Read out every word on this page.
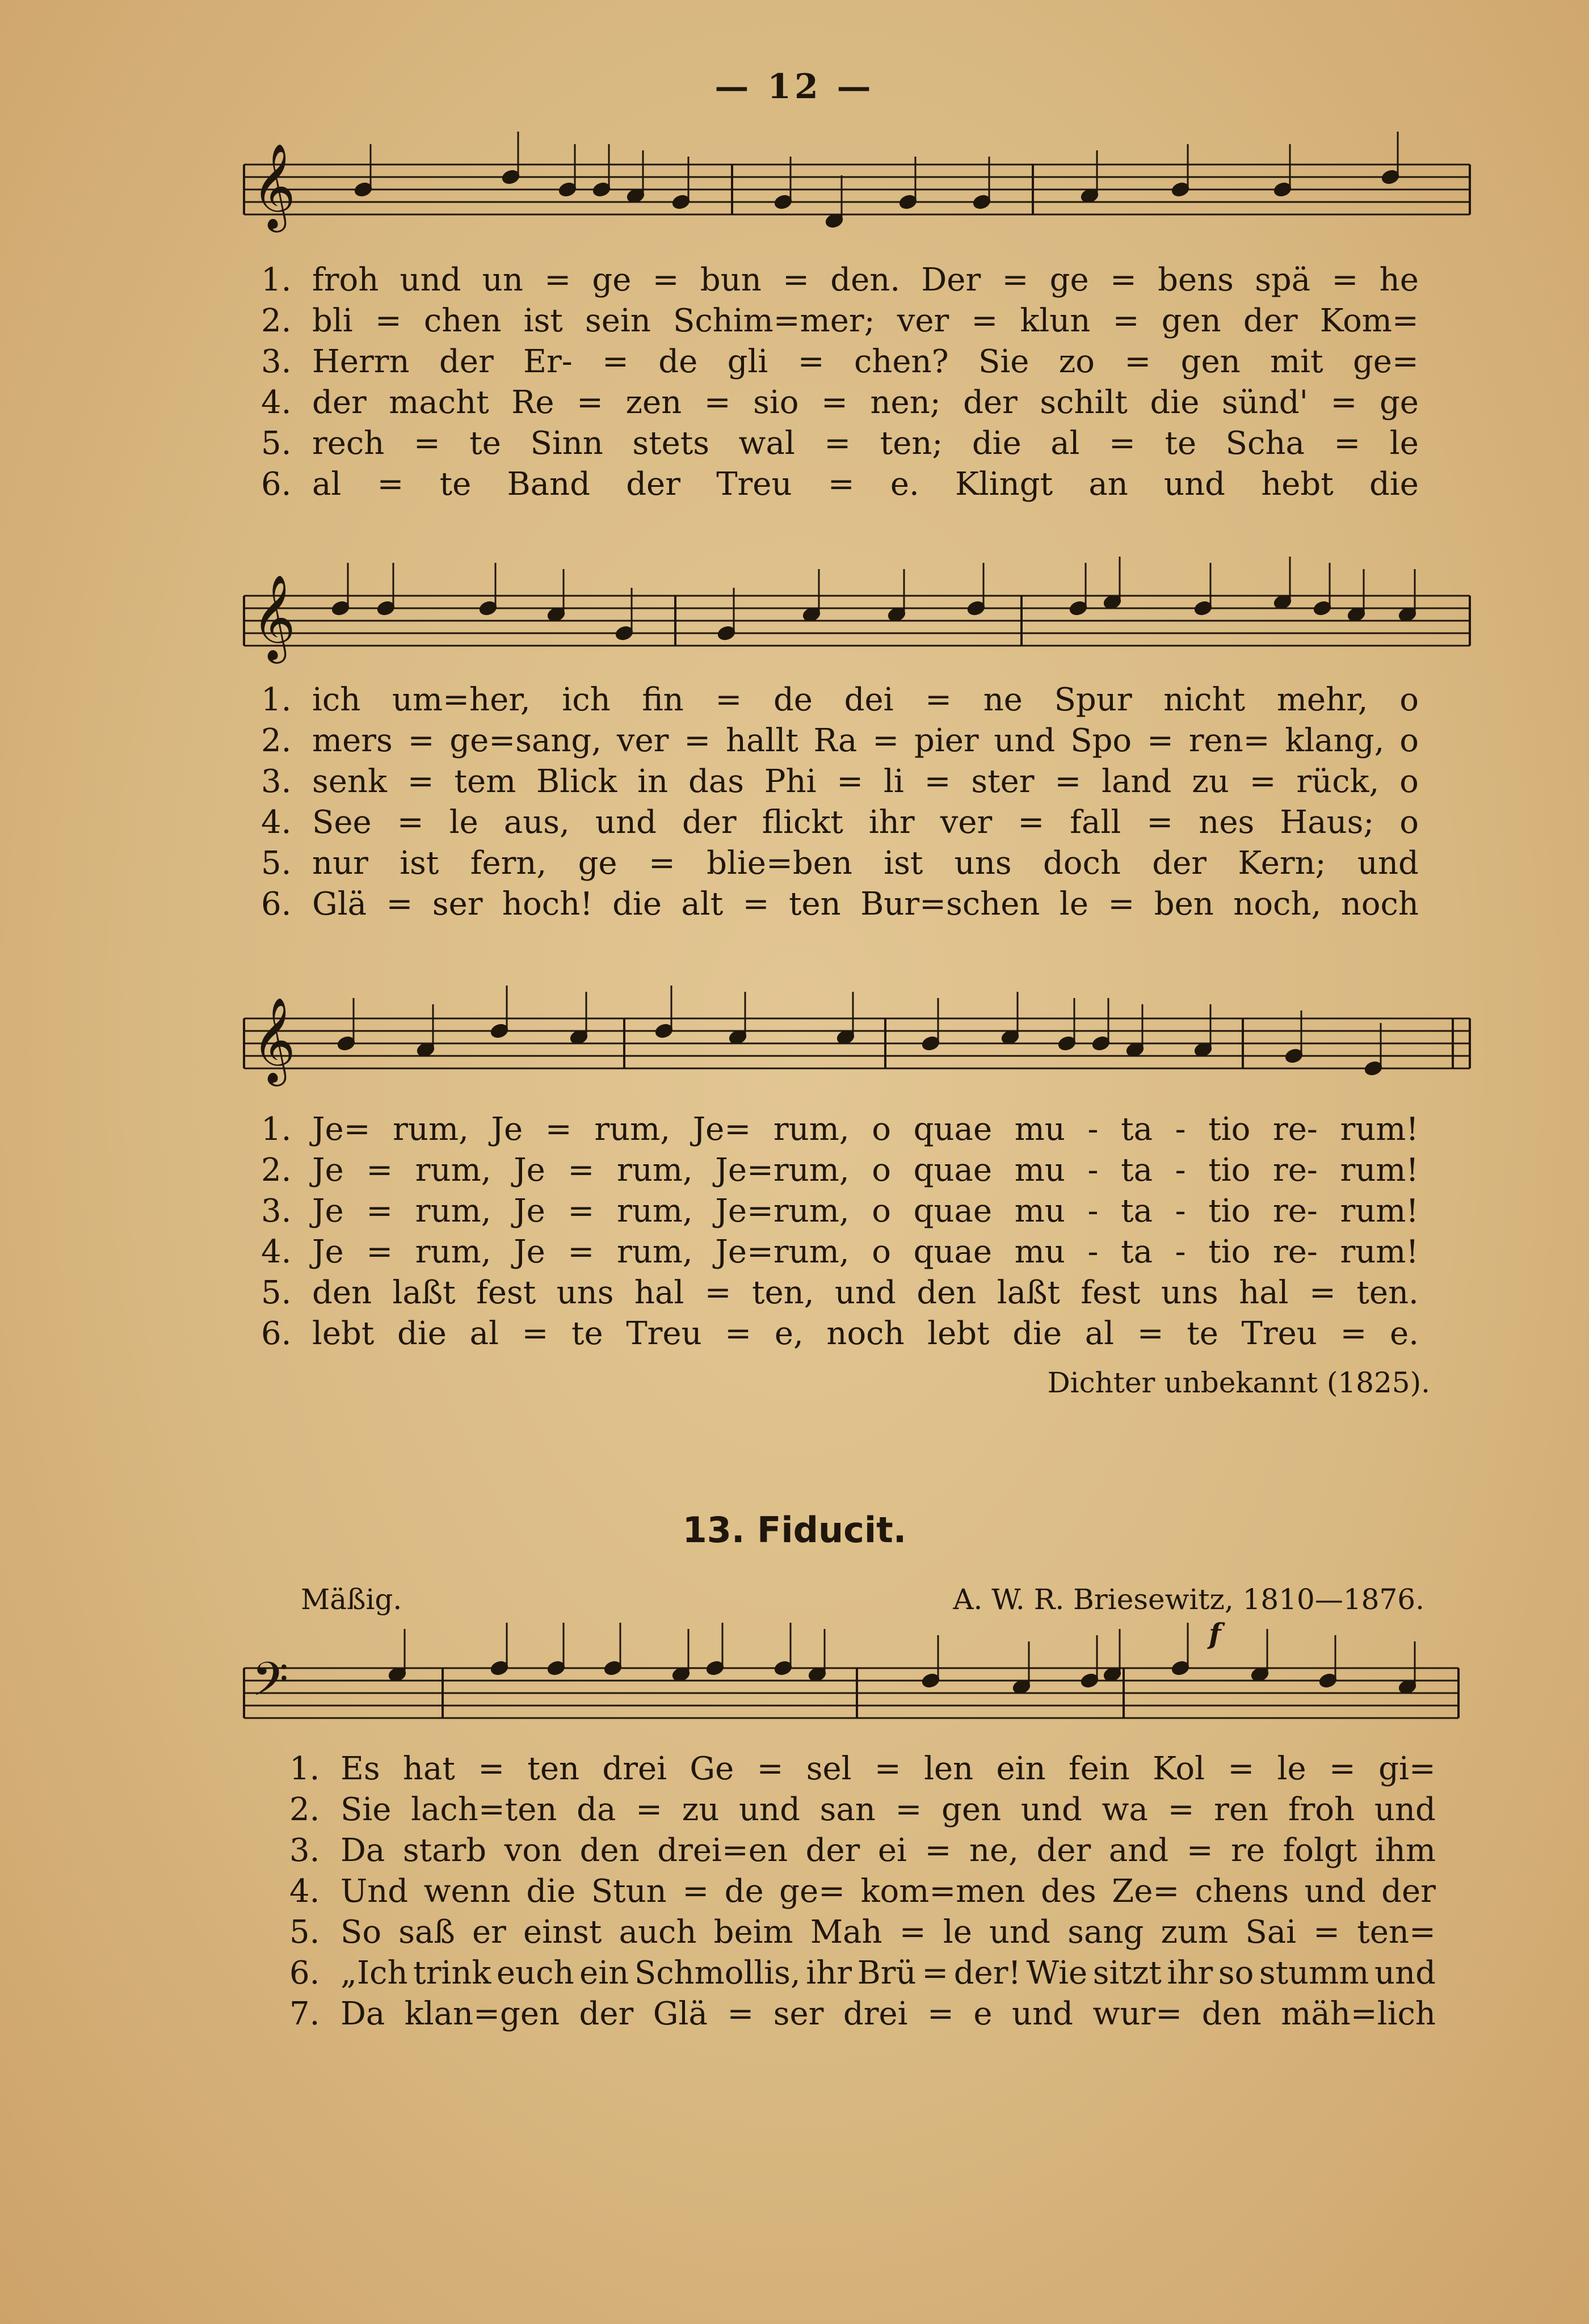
— 12 —
𝄞
𝄞
𝄞
𝄢
1. froh und un = ge = bun = den. Der = ge = bens spä = he
2. bli = chen ist sein Schim=mer; ver = klun = gen der Kom=
3. Herrn der Er- = de gli = chen? Sie zo = gen mit ge=
4. der macht Re = zen = sio = nen; der schilt die sünd' = ge
5. rech = te Sinn stets wal = ten; die al = te Scha = le
6. al = te Band der Treu = e. Klingt an und hebt die
1. ich um=her, ich fin = de dei = ne Spur nicht mehr, o
2. mers = ge=sang, ver = hallt Ra = pier und Spo = ren= klang, o
3. senk = tem Blick in das Phi = li = ster = land zu = rück, o
4. See = le aus, und der flickt ihr ver = fall = nes Haus; o
5. nur ist fern, ge = blie=ben ist uns doch der Kern; und
6. Glä = ser hoch! die alt = ten Bur=schen le = ben noch, noch
1. Je= rum, Je = rum, Je= rum, o quae mu - ta - tio re- rum!
2. Je = rum, Je = rum, Je=rum, o quae mu - ta - tio re- rum!
3. Je = rum, Je = rum, Je=rum, o quae mu - ta - tio re- rum!
4. Je = rum, Je = rum, Je=rum, o quae mu - ta - tio re- rum!
5. den laßt fest uns hal = ten, und den laßt fest uns hal = ten.
6. lebt die al = te Treu = e, noch lebt die al = te Treu = e.
Dichter unbekannt (1825).
13. Fiducit.
Mäßig.	A. W. R. Briesewitz, 1810—1876.
f
1. Es hat = ten drei Ge = sel = len ein fein Kol = le = gi=
2. Sie lach=ten da = zu und san = gen und wa = ren froh und
3. Da starb von den drei=en der ei = ne, der and = re folgt ihm
4. Und wenn die Stun = de ge= kom=men des Ze= chens und der
5. So saß er einst auch beim Mah = le und sang zum Sai = ten=
6. „Ich trink euch ein Schmollis, ihr Brü = der! Wie sitzt ihr so stumm und
7. Da klan=gen der Glä = ser drei = e und wur= den mäh=lich
